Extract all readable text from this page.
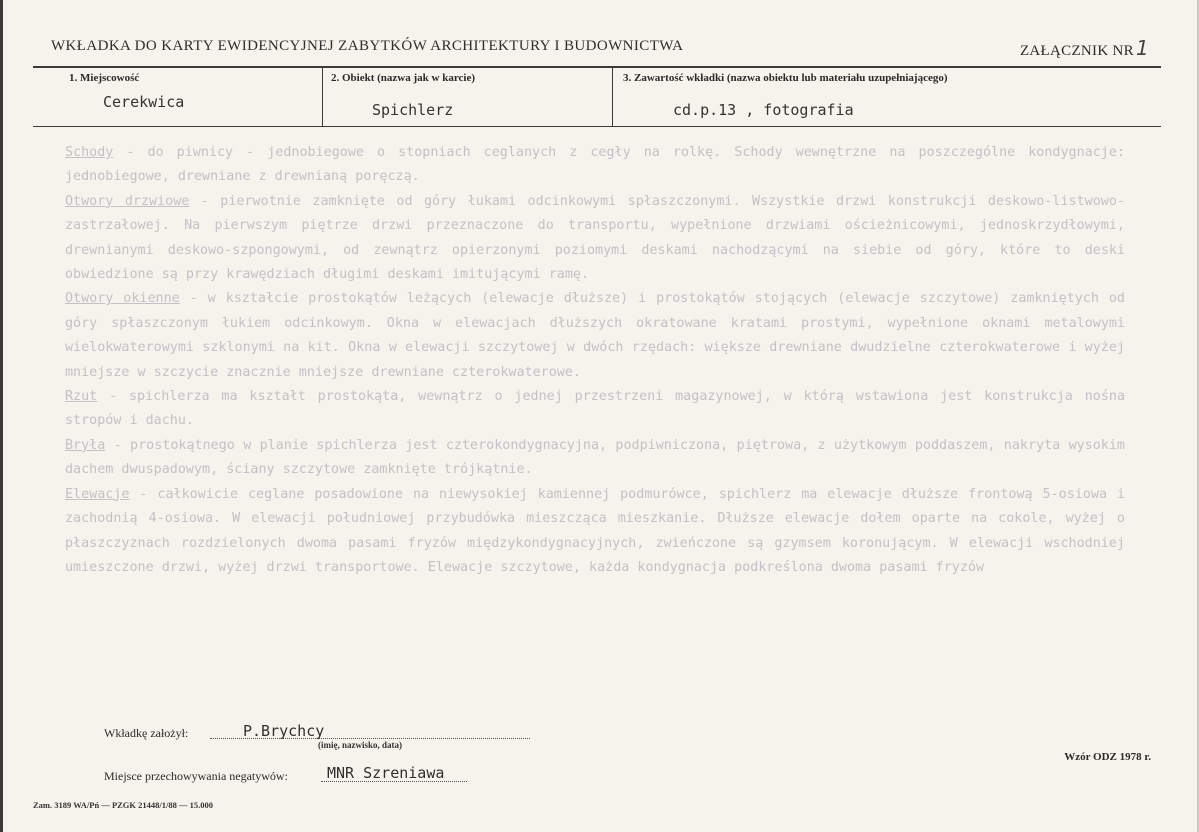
WKŁADKA DO KARTY EWIDENCYJNEJ ZABYTKÓW ARCHITEKTURY I BUDOWNICTWA	ZAŁĄCZNIK NR 1
1. Miejscowość
Cerekwica
2. Obiekt (nazwa jak w karcie)
Spichlerz
3. Zawartość wkładki (nazwa obiektu lub materiału uzupełniającego)
cd.p.13 , fotografia

Schody - do piwnicy - jednobiegowe o stopniach ceglanych z cegły na rolkę. Schody wewnętrzne na poszczególne kondygnacje: jednobiegowe, drewniane z drewnianą poręczą.

Otwory drzwiowe - pierwotnie zamknięte od góry łukami odcinkowymi spłaszczonymi. Wszystkie drzwi konstrukcji deskowo-listwowo-zastrzałowej. Na pierwszym piętrze drzwi przeznaczone do transportu, wypełnione drzwiami ościeżnicowymi, jednoskrzydłowymi, drewnianymi deskowo-szpongowymi, od zewnątrz opierzonymi poziomymi deskami nachodzącymi na siebie od góry, które to deski obwiedzione są przy krawędziach długimi deskami imitującymi ramę.

Otwory okienne - w kształcie prostokątów leżących (elewacje dłuższe) i prostokątów stojących (elewacje szczytowe) zamkniętych od góry spłaszczonym łukiem odcinkowym. Okna w elewacjach dłuższych okratowane kratami prostymi, wypełnione oknami metalowymi wielokwaterowymi szklonymi na kit. Okna w elewacji szczytowej w dwóch rzędach: większe drewniane dwudzielne czterokwaterowe i wyżej mniejsze w szczycie znacznie mniejsze drewniane czterokwaterowe.

Rzut - spichlerza ma kształt prostokąta, wewnątrz o jednej przestrzeni magazynowej, w którą wstawiona jest konstrukcja nośna stropów i dachu.

Bryła - prostokątnego w planie spichlerza jest czterokondygnacyjna, podpiwniczona, piętrowa, z użytkowym poddaszem, nakryta wysokim dachem dwuspadowym, ściany szczytowe zamknięte trójkątnie.

Elewacje - całkowicie ceglane posadowione na niewysokiej kamiennej podmurówce, spichlerz ma elewacje dłuższe frontową 5-osiowa i zachodnią 4-osiowa. W elewacji południowej przybudówka mieszcząca mieszkanie. Dłuższe elewacje dołem oparte na cokole, wyżej o płaszczyznach rozdzielonych dwoma pasami fryzów międzykondygnacyjnych, zwieńczone są gzymsem koronującym. W elewacji wschodniej umieszczone drzwi, wyżej drzwi transportowe. Elewacje szczytowe, każda kondygnacja podkreślona dwoma pasami fryzów

Wkładkę założył:	P.Brychcy
(imię, nazwisko, data)
Miejsce przechowywania negatywów:	MNR Szreniawa
Wzór ODZ 1978 r.
Zam. 3189 WA/Pń — PZGK 21448/1/88 — 15.000
